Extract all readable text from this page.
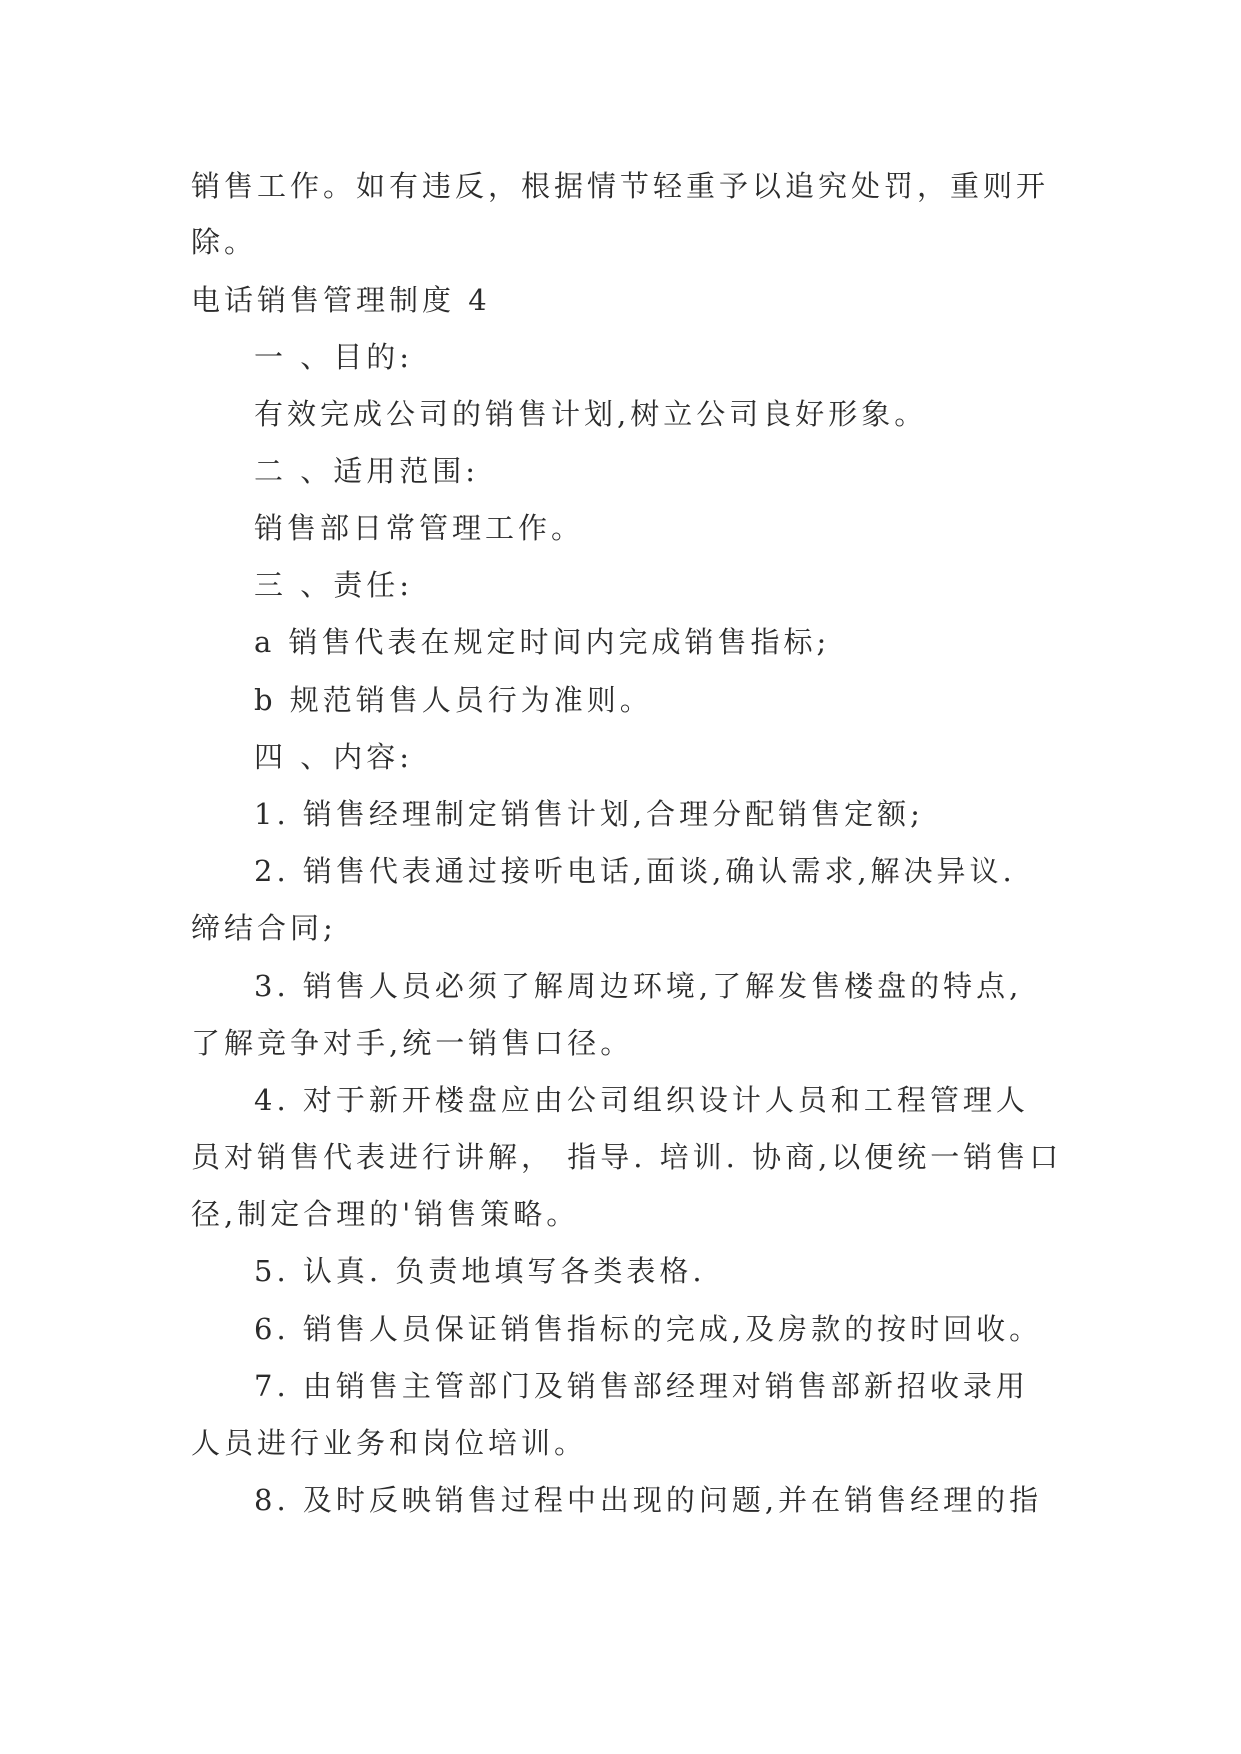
销售工作。如有违反，根据情节轻重予以追究处罚，重则开
除。
电话销售管理制度 4
一 、目的:
有效完成公司的销售计划,树立公司良好形象。
二 、适用范围:
销售部日常管理工作。
三 、责任:
a 销售代表在规定时间内完成销售指标;
b 规范销售人员行为准则。
四 、内容:
1. 销售经理制定销售计划,合理分配销售定额;
2. 销售代表通过接听电话,面谈,确认需求,解决异议.
缔结合同;
3. 销售人员必须了解周边环境,了解发售楼盘的特点,
了解竞争对手,统一销售口径。
4. 对于新开楼盘应由公司组织设计人员和工程管理人
员对销售代表进行讲解， 指导. 培训. 协商,以便统一销售口
径,制定合理的'销售策略。
5. 认真. 负责地填写各类表格.
6. 销售人员保证销售指标的完成,及房款的按时回收。
7. 由销售主管部门及销售部经理对销售部新招收录用
人员进行业务和岗位培训。
8. 及时反映销售过程中出现的问题,并在销售经理的指
